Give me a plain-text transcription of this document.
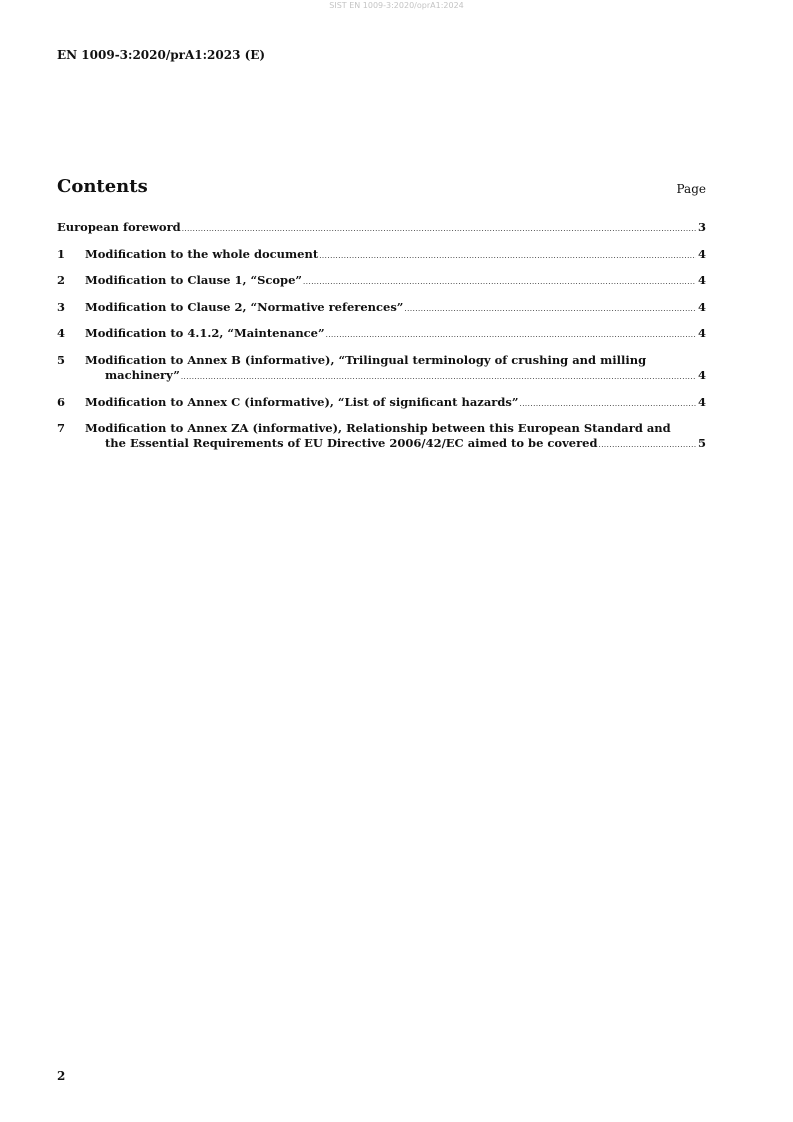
SIST EN 1009-3:2020/oprA1:2024
EN 1009-3:2020/prA1:2023 (E)
Contents	Page
European foreword .....	3
1	Modification to the whole document .....	4
2	Modification to Clause 1, “Scope” .....	4
3	Modification to Clause 2, “Normative references” .....	4
4	Modification to 4.1.2, “Maintenance” .....	4
5	Modification to Annex B (informative), “Trilingual terminology of crushing and milling
machinery” .....	4
6	Modification to Annex C (informative), “List of significant hazards” .....	4
7	Modification to Annex ZA (informative), Relationship between this European Standard and
the Essential Requirements of EU Directive 2006/42/EC aimed to be covered .....	5
2
